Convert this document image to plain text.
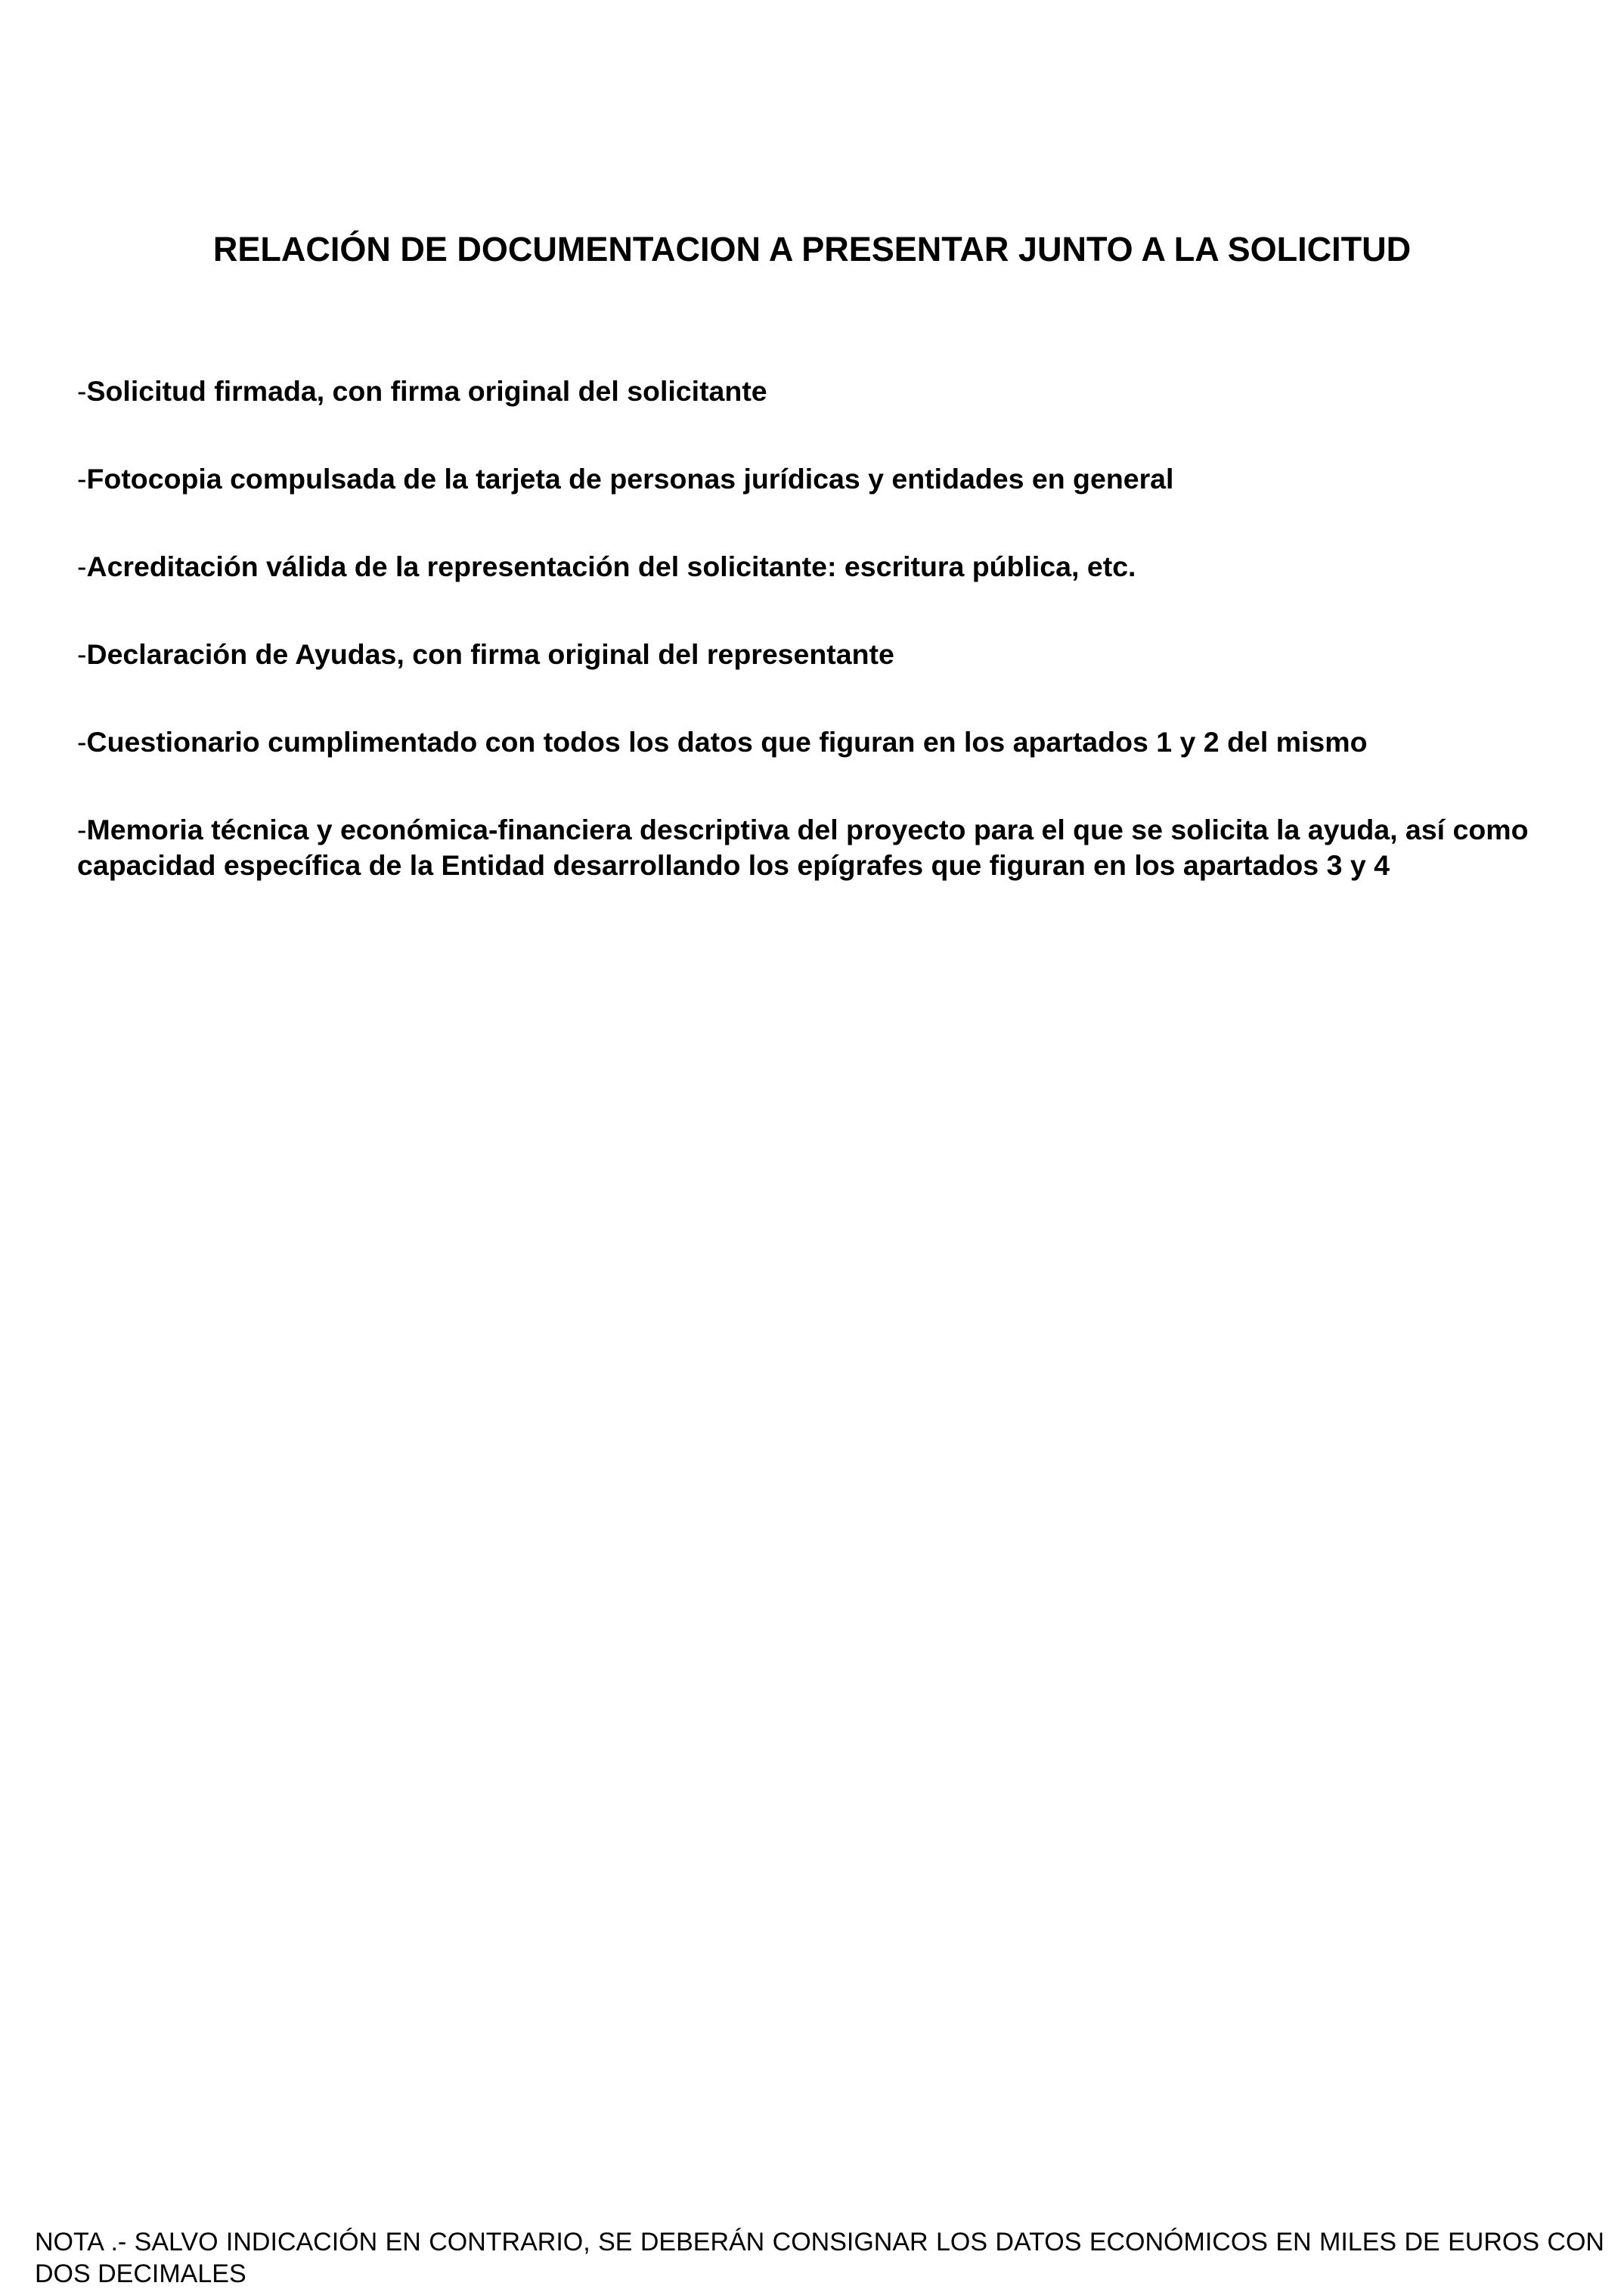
RELACIÓN DE DOCUMENTACION A PRESENTAR JUNTO A LA SOLICITUD
-Solicitud firmada, con firma original del solicitante
-Fotocopia compulsada de la tarjeta de personas jurídicas y entidades en general
-Acreditación válida de la representación del solicitante: escritura pública, etc.
-Declaración de Ayudas, con firma original del representante
-Cuestionario cumplimentado con todos los datos que figuran en los apartados 1 y 2 del mismo
-Memoria técnica y económica-financiera descriptiva del proyecto para el que se solicita la ayuda, así como capacidad específica de la Entidad desarrollando los epígrafes que figuran en los apartados 3 y 4

NOTA .- SALVO INDICACIÓN EN CONTRARIO, SE DEBERÁN CONSIGNAR LOS DATOS ECONÓMICOS EN MILES DE EUROS CON DOS DECIMALES
